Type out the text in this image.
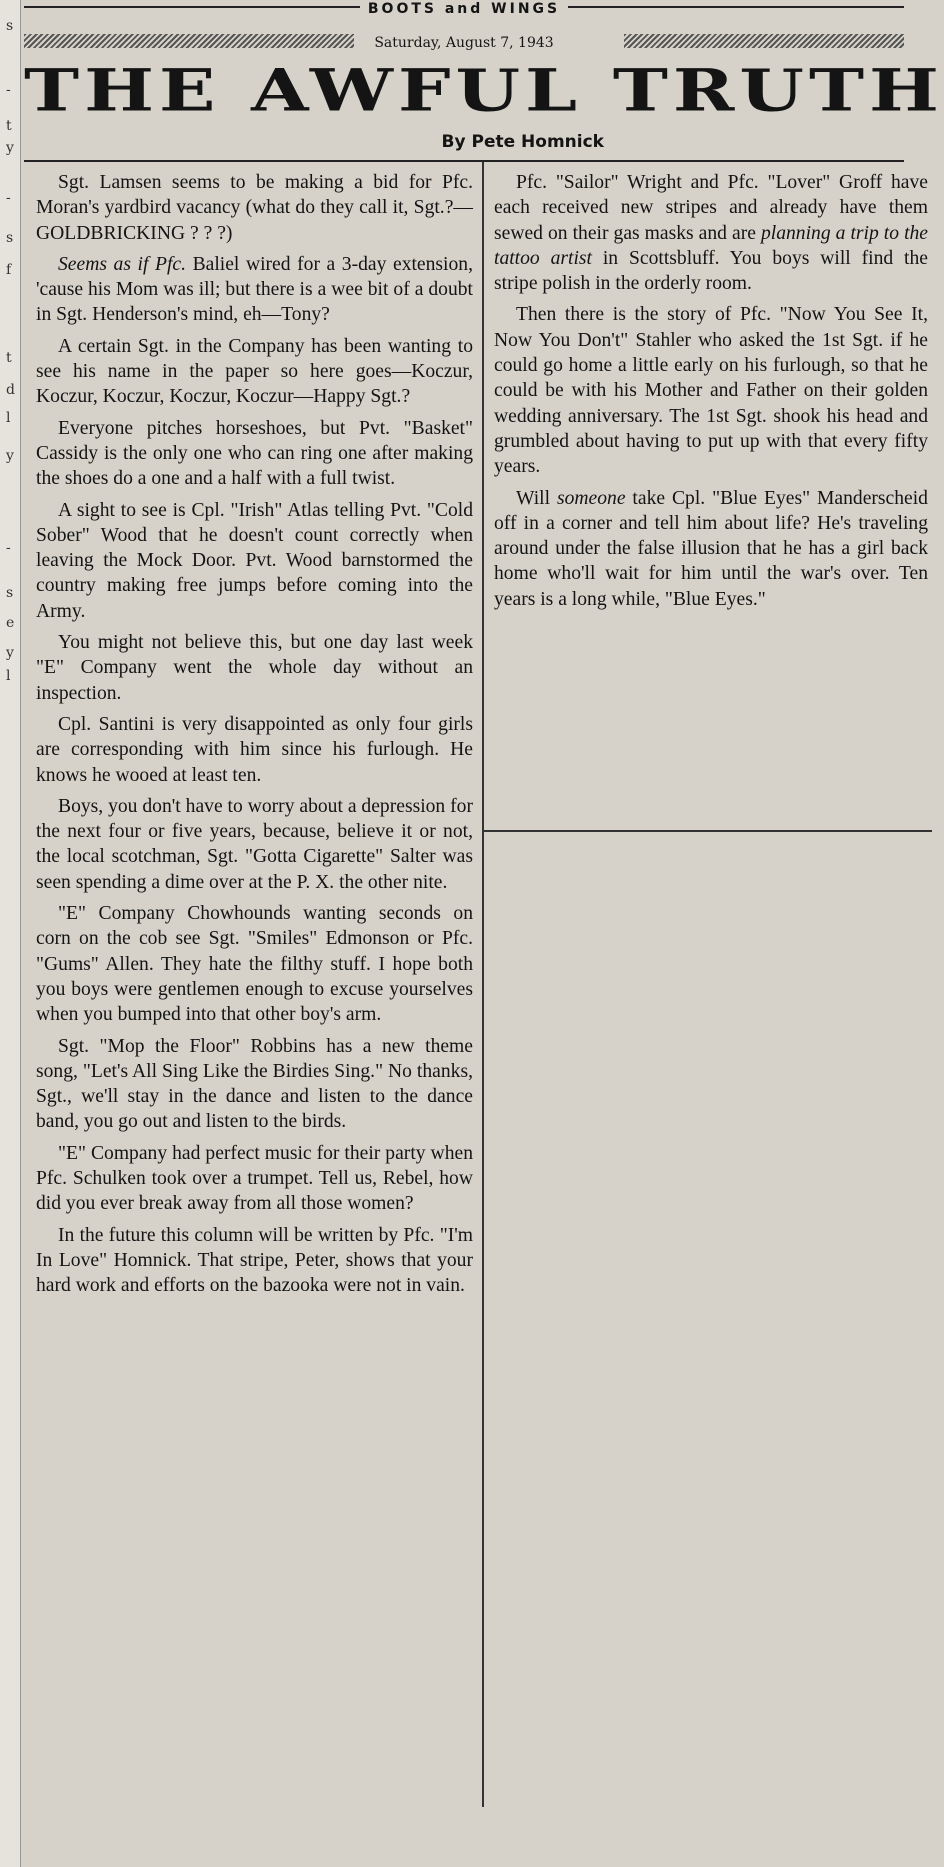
s
-
t
y
-
s
f
t
d
l
y
-
s
e
y
l
BOOTS and WINGS
Saturday, August 7, 1943
THE AWFUL TRUTH
By Pete Homnick

Sgt. Lamsen seems to be making a bid for Pfc. Moran's yardbird vacancy (what do they call it, Sgt.?—GOLDBRICKING ? ? ?)

Seems as if Pfc. Baliel wired for a 3-day extension, 'cause his Mom was ill; but there is a wee bit of a doubt in Sgt. Henderson's mind, eh—Tony?

A certain Sgt. in the Company has been wanting to see his name in the paper so here goes—Koczur, Koczur, Koczur, Koczur, Koczur—Happy Sgt.?

Everyone pitches horseshoes, but Pvt. "Basket" Cassidy is the only one who can ring one after making the shoes do a one and a half with a full twist.

A sight to see is Cpl. "Irish" Atlas telling Pvt. "Cold Sober" Wood that he doesn't count correctly when leaving the Mock Door. Pvt. Wood barnstormed the country making free jumps before coming into the Army.

You might not believe this, but one day last week "E" Company went the whole day without an inspection.

Cpl. Santini is very disappointed as only four girls are corresponding with him since his furlough. He knows he wooed at least ten.

Boys, you don't have to worry about a depression for the next four or five years, because, believe it or not, the local scotchman, Sgt. "Gotta Cigarette" Salter was seen spending a dime over at the P. X. the other nite.

"E" Company Chowhounds wanting seconds on corn on the cob see Sgt. "Smiles" Edmonson or Pfc. "Gums" Allen. They hate the filthy stuff. I hope both you boys were gentlemen enough to excuse yourselves when you bumped into that other boy's arm.

Sgt. "Mop the Floor" Robbins has a new theme song, "Let's All Sing Like the Birdies Sing." No thanks, Sgt., we'll stay in the dance and listen to the dance band, you go out and listen to the birds.

"E" Company had perfect music for their party when Pfc. Schulken took over a trumpet. Tell us, Rebel, how did you ever break away from all those women?

In the future this column will be written by Pfc. "I'm In Love" Homnick. That stripe, Peter, shows that your hard work and efforts on the bazooka were not in vain.

Pfc. "Sailor" Wright and Pfc. "Lover" Groff have each received new stripes and already have them sewed on their gas masks and are planning a trip to the tattoo artist in Scottsbluff. You boys will find the stripe polish in the orderly room.

Then there is the story of Pfc. "Now You See It, Now You Don't" Stahler who asked the 1st Sgt. if he could go home a little early on his furlough, so that he could be with his Mother and Father on their golden wedding anniversary. The 1st Sgt. shook his head and grumbled about having to put up with that every fifty years.

Will someone take Cpl. "Blue Eyes" Manderscheid off in a corner and tell him about life? He's traveling around under the false illusion that he has a girl back home who'll wait for him until the war's over. Ten years is a long while, "Blue Eyes."
